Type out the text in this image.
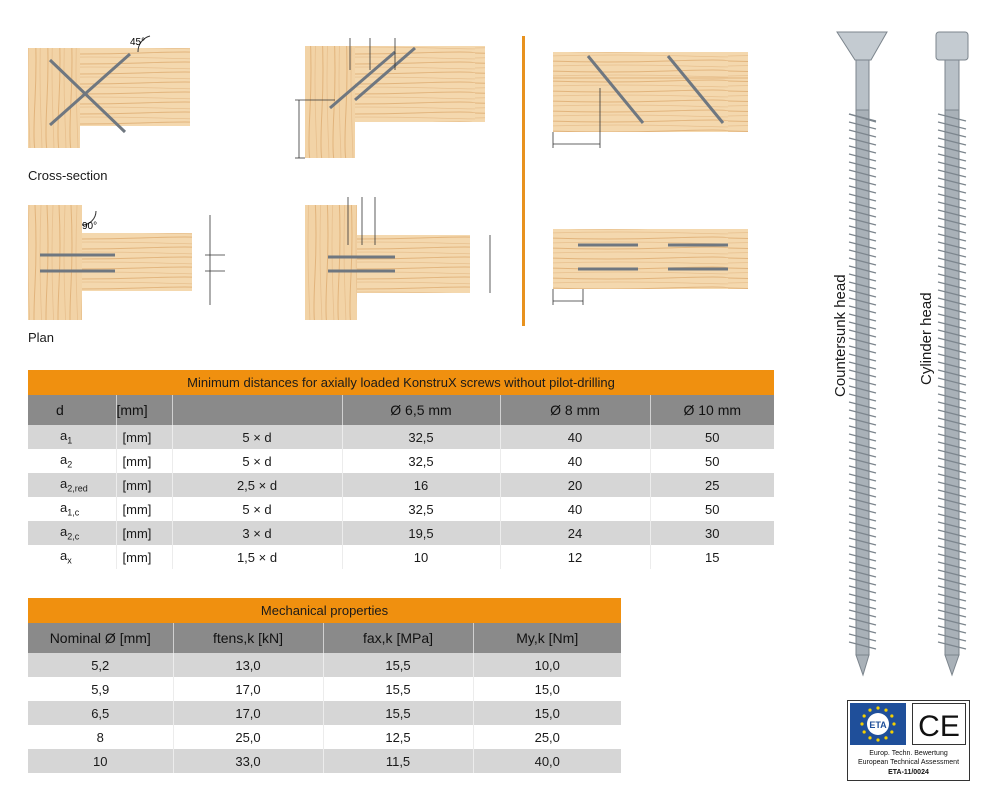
45°
Cross-section
90°
Plan
Minimum distances for axially loaded KonstruX screws without pilot-drilling					
d	[mm]		Ø 6,5 mm	Ø 8 mm	Ø 10 mm
$a_1$	[mm]	5 × d	32,5	40	50
$a_2$	[mm]	5 × d	32,5	40	50
$a_{2,red}$	[mm]	2,5 × d	16	20	25
$a_{1,c}$	[mm]	5 × d	32,5	40	50
$a_{2,c}$	[mm]	3 × d	19,5	24	30
$a_x$	[mm]	1,5 × d	10	12	15
Mechanical properties			
Nominal Ø [mm]	ftens,k [kN]	fax,k [MPa]	My,k [Nm]
5,2	13,0	15,5	10,0
5,9	17,0	15,5	15,0
6,5	17,0	15,5	15,0
8	25,0	12,5	25,0
10	33,0	11,5	40,0
Countersunk head	Cylinder head
ETA CE
Europ. Techn. Bewertung
European Technical Assessment
ETA-11/0024
